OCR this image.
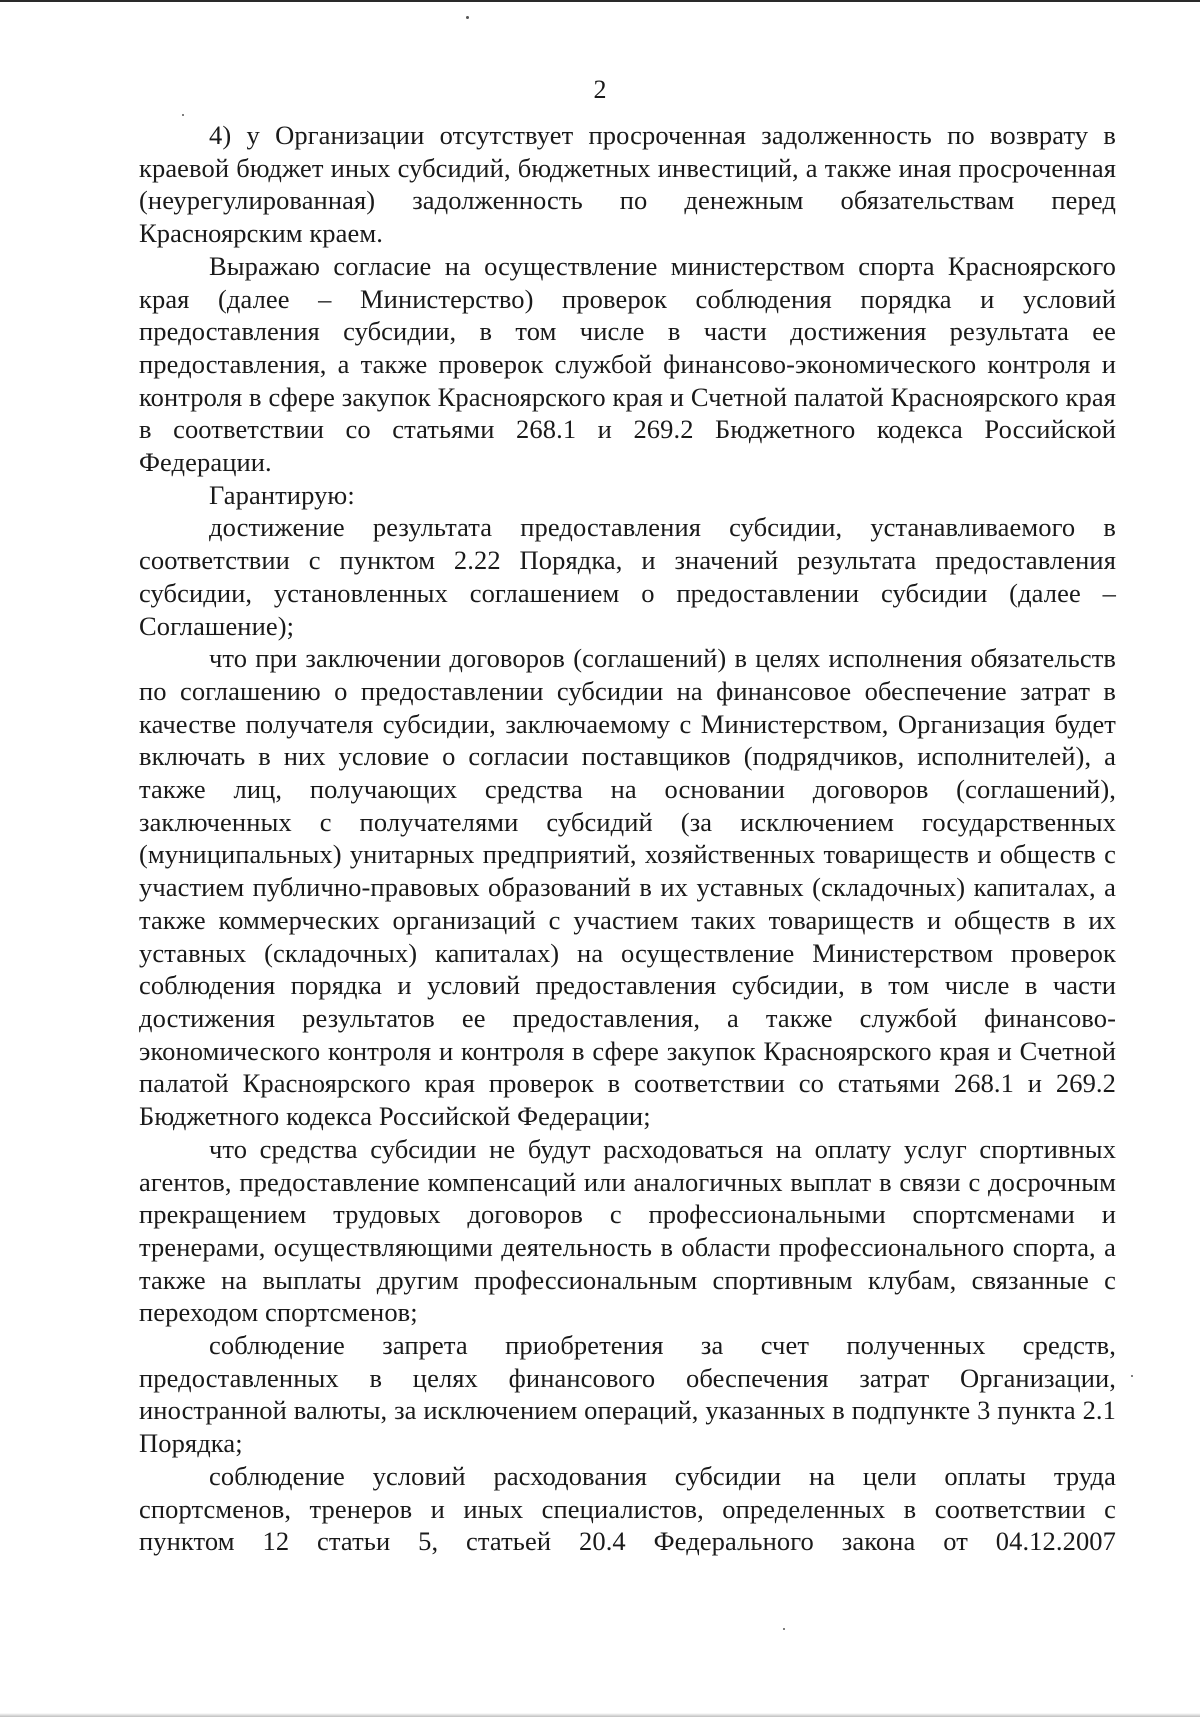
2

4) у Организации отсутствует просроченная задолженность по возврату в краевой бюджет иных субсидий, бюджетных инвестиций, а также иная просроченная (неурегулированная) задолженность по денежным обязательствам перед Красноярским краем.

Выражаю согласие на осуществление министерством спорта Красноярского края (далее – Министерство) проверок соблюдения порядка и условий предоставления субсидии, в том числе в части достижения результата ее предоставления, а также проверок службой финансово-экономического контроля и контроля в сфере закупок Красноярского края и Счетной палатой Красноярского края в соответствии со статьями 268.1 и 269.2 Бюджетного кодекса Российской Федерации.

Гарантирую:

достижение результата предоставления субсидии, устанавливаемого в соответствии с пунктом 2.22 Порядка, и значений результата предоставления субсидии, установленных соглашением о предоставлении субсидии (далее – Соглашение);

что при заключении договоров (соглашений) в целях исполнения обязательств по соглашению о предоставлении субсидии на финансовое обеспечение затрат в качестве получателя субсидии, заключаемому с Министерством, Организация будет включать в них условие о согласии поставщиков (подрядчиков, исполнителей), а также лиц, получающих средства на основании договоров (соглашений), заключенных с получателями субсидий (за исключением государственных (муниципальных) унитарных предприятий, хозяйственных товариществ и обществ с участием публично-правовых образований в их уставных (складочных) капиталах, а также коммерческих организаций с участием таких товариществ и обществ в их уставных (складочных) капиталах) на осуществление Министерством проверок соблюдения порядка и условий предоставления субсидии, в том числе в части достижения результатов ее предоставления, а также службой финансово-экономического контроля и контроля в сфере закупок Красноярского края и Счетной палатой Красноярского края проверок в соответствии со статьями 268.1 и 269.2 Бюджетного кодекса Российской Федерации;

что средства субсидии не будут расходоваться на оплату услуг спортивных агентов, предоставление компенсаций или аналогичных выплат в связи с досрочным прекращением трудовых договоров с профессиональными спортсменами и тренерами, осуществляющими деятельность в области профессионального спорта, а также на выплаты другим профессиональным спортивным клубам, связанные с переходом спортсменов;

соблюдение запрета приобретения за счет полученных средств, предоставленных в целях финансового обеспечения затрат Организации, иностранной валюты, за исключением операций, указанных в подпункте 3 пункта 2.1 Порядка;

соблюдение условий расходования субсидии на цели оплаты труда спортсменов, тренеров и иных специалистов, определенных в соответствии с пунктом 12 статьи 5, статьей 20.4 Федерального закона от 04.12.2007
